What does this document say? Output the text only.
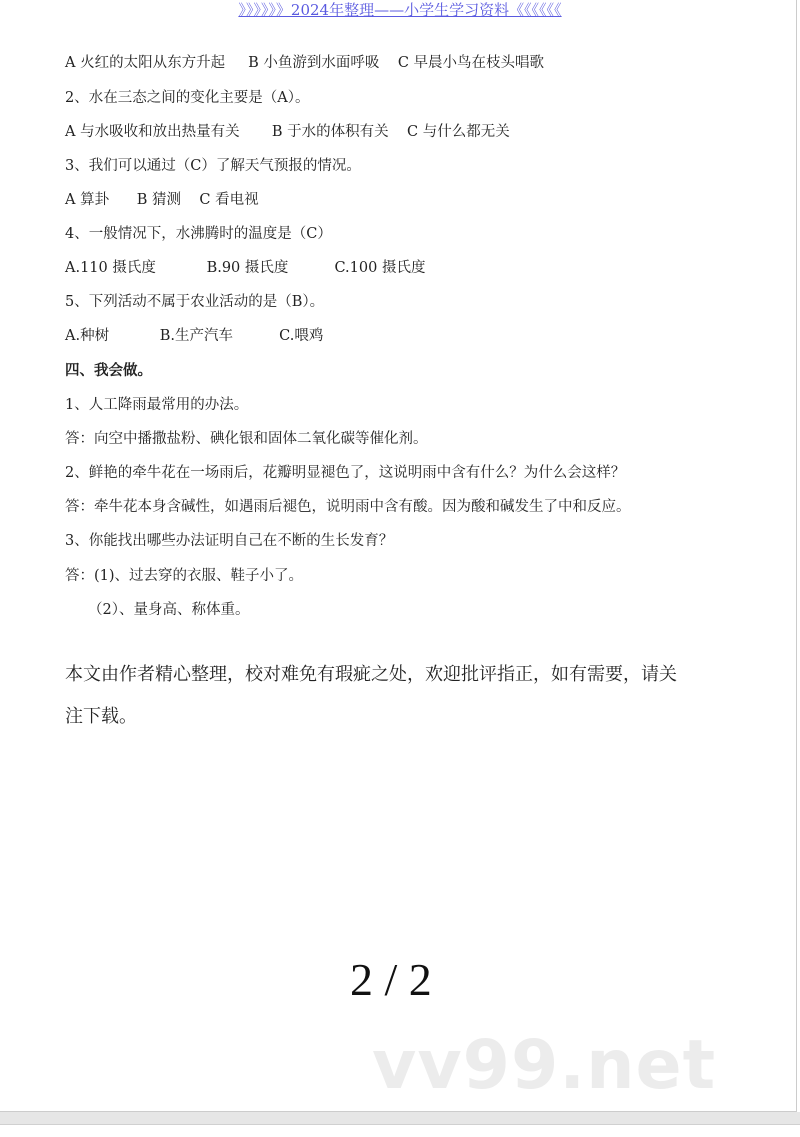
》》》》》》2024年整理——小学生学习资料《《《《《《
A 火红的太阳从东方升起     B 小鱼游到水面呼吸    C 早晨小鸟在枝头唱歌
2、水在三态之间的变化主要是（A）。
A 与水吸收和放出热量有关       B 于水的体积有关    C 与什么都无关
3、我们可以通过（C）了解天气预报的情况。
A 算卦      B 猜测    C 看电视
4、一般情况下，水沸腾时的温度是（C）
A.110 摄氏度           B.90 摄氏度          C.100 摄氏度
5、下列活动不属于农业活动的是（B）。
A.种树           B.生产汽车          C.喂鸡
四、我会做。
1、人工降雨最常用的办法。
答：向空中播撒盐粉、碘化银和固体二氧化碳等催化剂。
2、鲜艳的牵牛花在一场雨后，花瓣明显褪色了，这说明雨中含有什么？为什么会这样？
答：牵牛花本身含碱性，如遇雨后褪色，说明雨中含有酸。因为酸和碱发生了中和反应。
3、你能找出哪些办法证明自己在不断的生长发育？
答：(1)、过去穿的衣服、鞋子小了。
（2）、量身高、称体重。
本文由作者精心整理，校对难免有瑕疵之处，欢迎批评指正，如有需要，请关
注下载。
2 / 2
vv99.net
